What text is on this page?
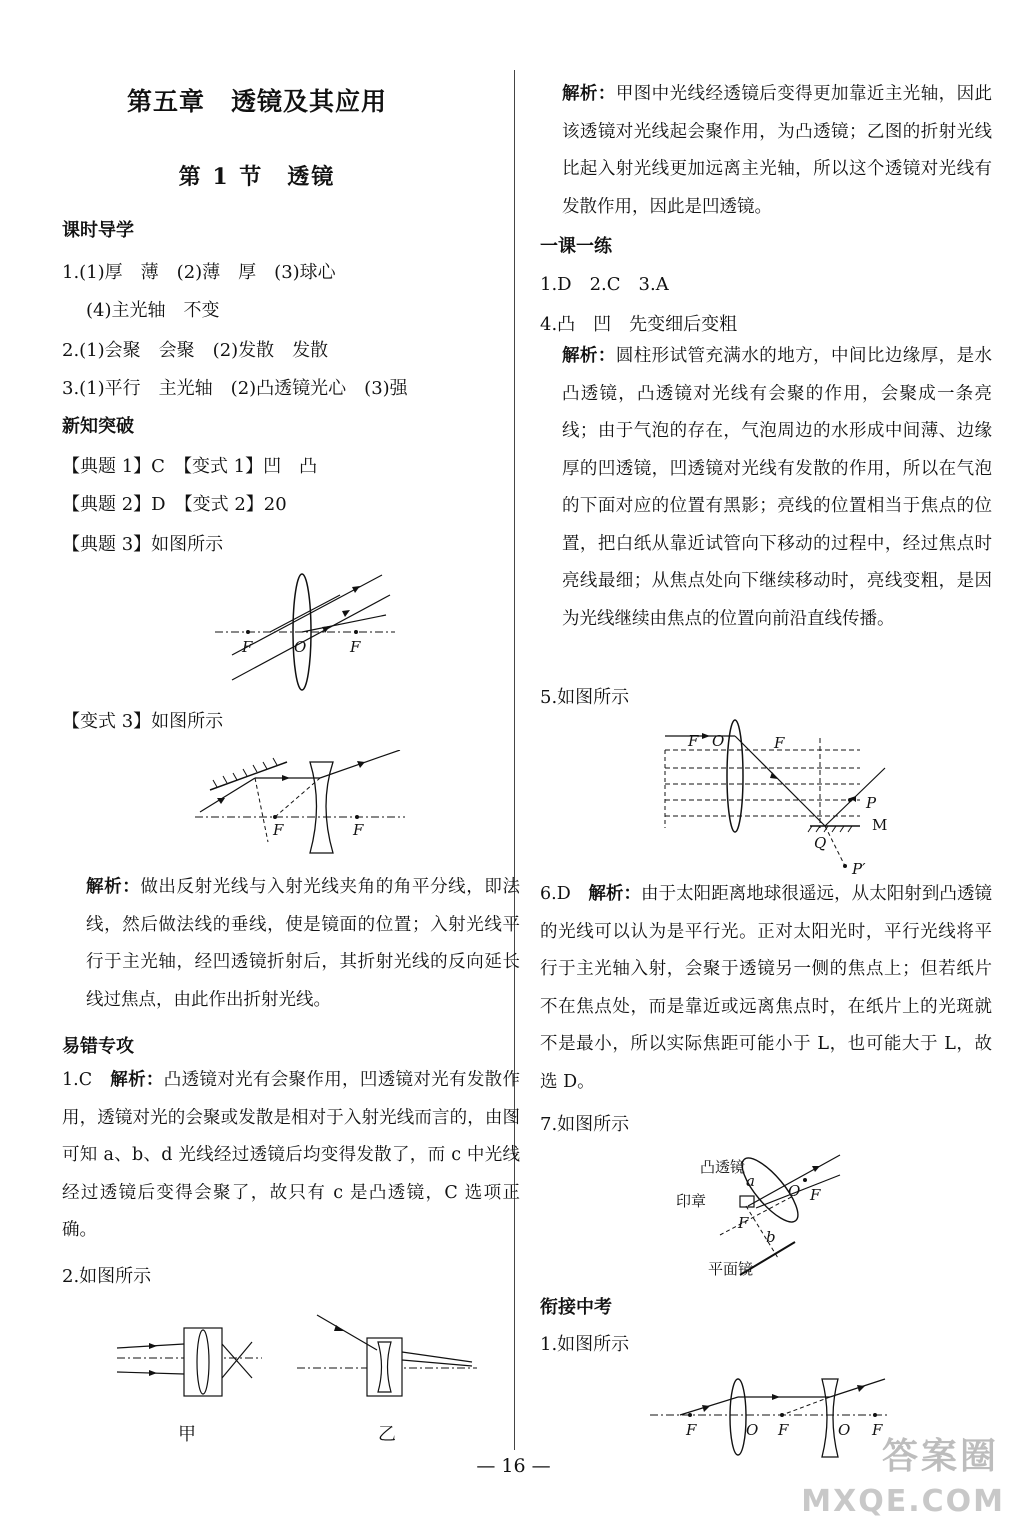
第五章　透镜及其应用
第 1 节　透镜
课时导学
1.(1)厚　薄　(2)薄　厚　(3)球心
(4)主光轴　不变
2.(1)会聚　会聚　(2)发散　发散
3.(1)平行　主光轴　(2)凸透镜光心　(3)强
新知突破
【典题 1】C　【变式 1】凹　凸
【典题 2】D　【变式 2】20
【典题 3】如图所示
F	O	F
【变式 3】如图所示
F	F
解析：做出反射光线与入射光线夹角的角平分线，即法线，然后做法线的垂线，使是镜面的位置；入射光线平行于主光轴，经凹透镜折射后，其折射光线的反向延长线过焦点，由此作出折射光线。
易错专攻
1.C　解析：凸透镜对光有会聚作用，凹透镜对光有发散作用，透镜对光的会聚或发散是相对于入射光线而言的，由图可知 a、b、d 光线经过透镜后均变得发散了，而 c 中光线经过透镜后变得会聚了，故只有 c 是凸透镜，C 选项正确。
2.如图所示
甲	乙
解析：甲图中光线经透镜后变得更加靠近主光轴，因此该透镜对光线起会聚作用，为凸透镜；乙图的折射光线比起入射光线更加远离主光轴，所以这个透镜对光线有发散作用，因此是凹透镜。
一课一练
1.D　2.C　3.A
4.凸　凹　先变细后变粗
解析：圆柱形试管充满水的地方，中间比边缘厚，是水凸透镜，凸透镜对光线有会聚的作用，会聚成一条亮线；由于气泡的存在，气泡周边的水形成中间薄、边缘厚的凹透镜，凹透镜对光线有发散的作用，所以在气泡的下面对应的位置有黑影；亮线的位置相当于焦点的位置，把白纸从靠近试管向下移动的过程中，经过焦点时亮线最细；从焦点处向下继续移动时，亮线变粗，是因为光线继续由焦点的位置向前沿直线传播。
5.如图所示
F O	F
P
M
Q
P′
6.D　解析：由于太阳距离地球很遥远，从太阳射到凸透镜的光线可以认为是平行光。正对太阳光时，平行光线将平行于主光轴入射，会聚于透镜另一侧的焦点上；但若纸片不在焦点处，而是靠近或远离焦点时，在纸片上的光斑就不是最小，所以实际焦距可能小于 L，也可能大于 L，故选 D。
7.如图所示
a
F
O
F
b
凸透镜
印章
平面镜
衔接中考
1.如图所示
F	O F	O F
— 16 —	答案圈
MXQE.COM
